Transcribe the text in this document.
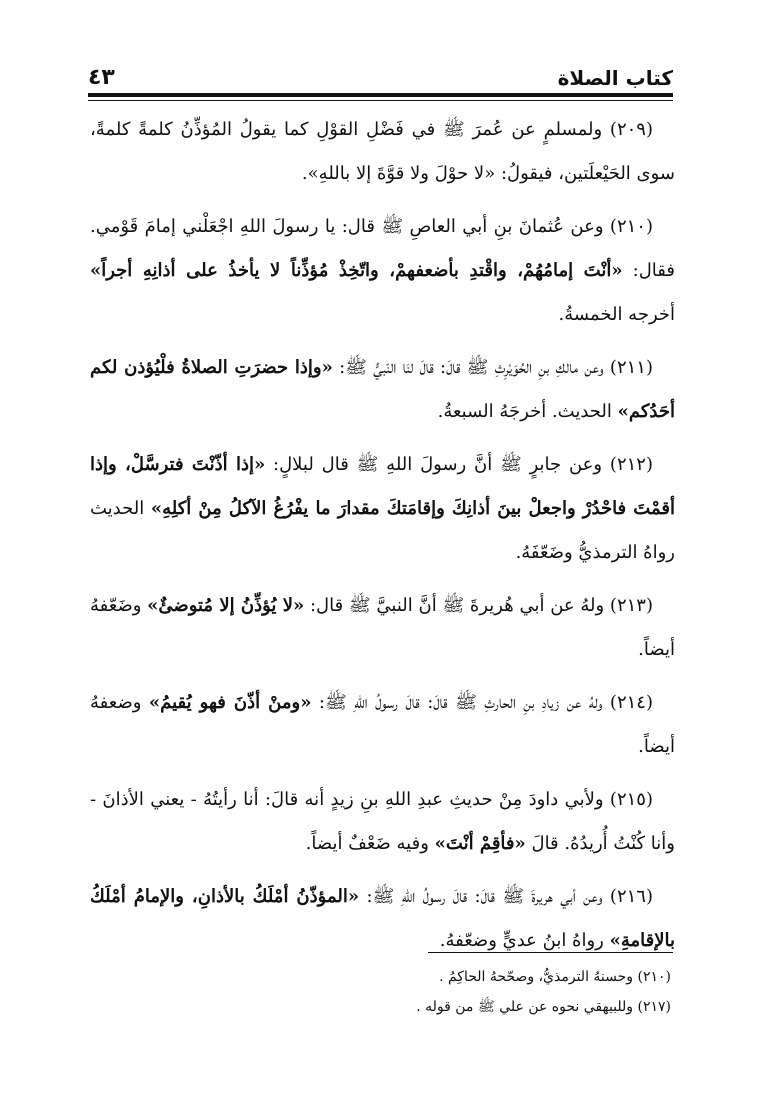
كتاب الصلاة
٤٣

(٢٠٩) ولمسلمٍ عن عُمرَ ﷺ في فَضْلِ القوْلِ كما يقولُ المُؤذِّنُ كلمةً كلمةً، سوى الحَيْعلَتين، فيقولُ: «لا حوْلَ ولا قوَّةَ إلا باللهِ».

(٢١٠) وعن عُثمانَ بنِ أبي العاصِ ﷺ قال: يا رسولَ اللهِ اجْعَلْني إمامَ قَوْمي. فقال: «أنْتَ إمامُهُمْ، واقْتدِ بأضعفهمْ، واتّخِذْ مُؤذِّناً لا يأخذُ على أذانِهِ أجراً» أخرجه الخمسةُ.

(٢١١) وعن مالكِ بنِ الحُوَيْرِثِ ﷺ قالَ: قالَ لنَا النّبيُّ ﷺ: «وإذا حضرَتِ الصلاةُ فلْيُؤذن لكم أحَدُكم» الحديث. أخرجَهُ السبعةُ.

(٢١٢) وعن جابرٍ ﷺ أنَّ رسولَ اللهِ ﷺ قال لبلالٍ: «إذا أذّنْتَ فترسَّلْ، وإذا أقمْتَ فاحْدُرْ واجعلْ بينَ أذانِكَ وإقامَتكَ مقدارَ ما يفْرُغُ الآكلُ مِنْ أكلِهِ» الحديث رواهُ الترمذيُّ وضَعّفَهُ.

(٢١٣) ولهُ عن أبي هُريرةَ ﷺ أنَّ النبيَّ ﷺ قال: «لا يُؤذِّنُ إلا مُتوضئٌ» وضَعّفهُ أيضاً.

(٢١٤) ولهُ عن زيادِ بنِ الحارثِ ﷺ قالَ: قالَ رسولُ اللهِ ﷺ: «ومنْ أذّنَ فهو يُقيمُ» وضعفهُ أيضاً.

(٢١٥) ولأبي داودَ مِنْ حديثِ عبدِ اللهِ بنِ زيدٍ أنه قالَ: أنا رأيتُهُ - يعني الأذانَ - وأنا كُنْتُ أُريدُهُ. قالَ «فأقِمْ أنْتَ» وفيه ضَعْفٌ أيضاً.

(٢١٦) وعن أبي هريرةَ ﷺ قالَ: قالَ رسولُ اللهِ ﷺ: «المؤذّنُ أمْلَكُ بالأذانِ، والإمامُ أمْلَكُ بالإقامةِ» رواهُ ابنُ عديٍّ وضعّفهُ.

(٢١٠) وحسنهُ الترمذيُّ، وصحّحهُ الحاكِمُ .

(٢١٧) وللبيهقي نحوه عن علي ﷺ من قوله .
